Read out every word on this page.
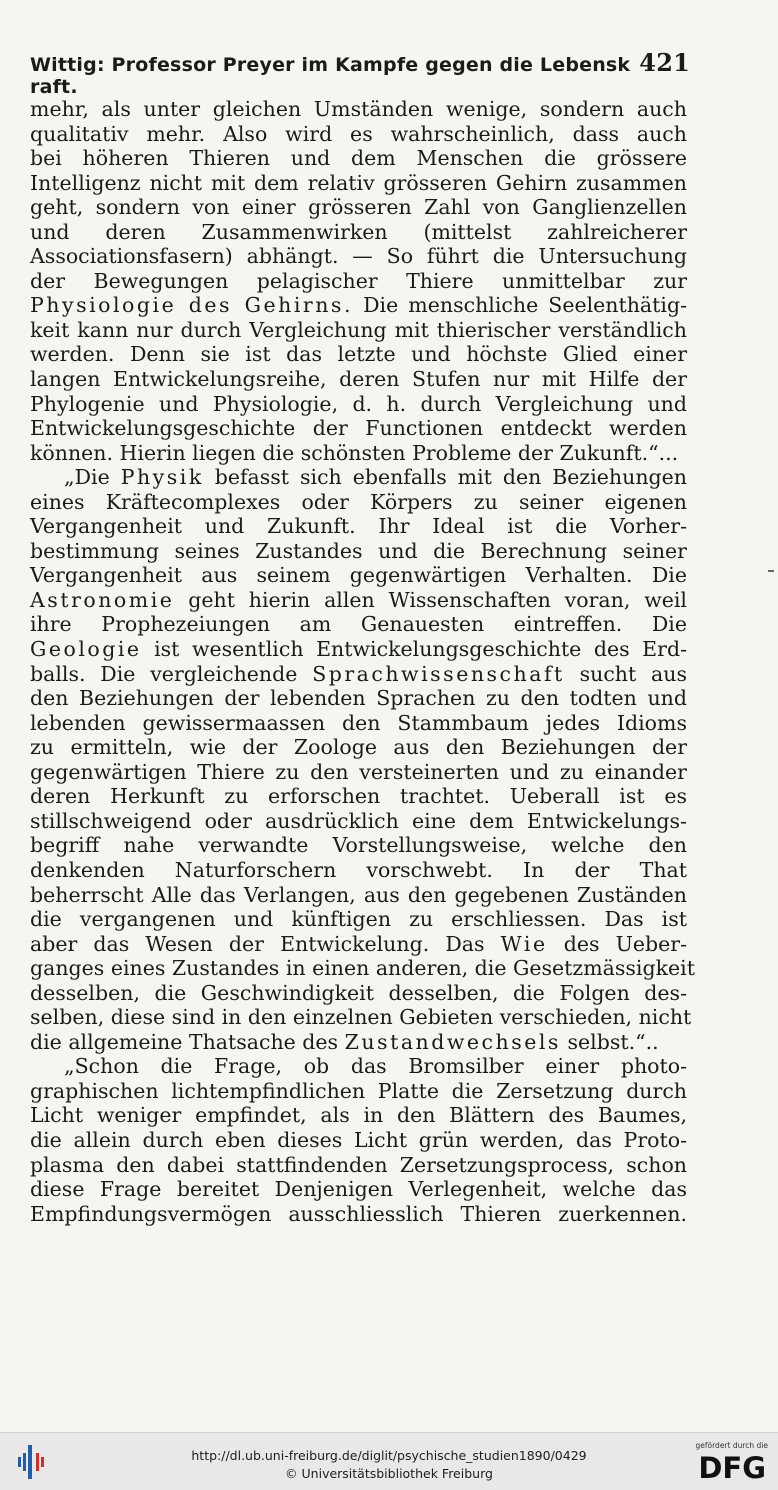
Wittig: Professor Preyer im Kampfe gegen die Lebensk raft.
421
mehr, als unter gleichen Umständen wenige, sondern auch
qualitativ mehr. Also wird es wahrscheinlich, dass auch
bei höheren Thieren und dem Menschen die grössere
Intelligenz nicht mit dem relativ grösseren Gehirn zusammen
geht, sondern von einer grösseren Zahl von Ganglienzellen
und deren Zusammenwirken (mittelst zahlreicherer
Associationsfasern) abhängt. — So führt die Untersuchung
der Bewegungen pelagischer Thiere unmittelbar zur
Physiologie des Gehirns. Die menschliche Seelenthätig-
keit kann nur durch Vergleichung mit thierischer verständlich
werden. Denn sie ist das letzte und höchste Glied einer
langen Entwickelungsreihe, deren Stufen nur mit Hilfe der
Phylogenie und Physiologie, d. h. durch Vergleichung und
Entwickelungsgeschichte der Functionen entdeckt werden
können. Hierin liegen die schönsten Probleme der Zukunft.“...
„Die Physik befasst sich ebenfalls mit den Beziehungen
eines Kräftecomplexes oder Körpers zu seiner eigenen
Vergangenheit und Zukunft. Ihr Ideal ist die Vorher-
bestimmung seines Zustandes und die Berechnung seiner
Vergangenheit aus seinem gegenwärtigen Verhalten. Die
Astronomie geht hierin allen Wissenschaften voran, weil
ihre Prophezeiungen am Genauesten eintreffen. Die
Geologie ist wesentlich Entwickelungsgeschichte des Erd-
balls. Die vergleichende Sprachwissenschaft sucht aus
den Beziehungen der lebenden Sprachen zu den todten und
lebenden gewissermaassen den Stammbaum jedes Idioms
zu ermitteln, wie der Zoologe aus den Beziehungen der
gegenwärtigen Thiere zu den versteinerten und zu einander
deren Herkunft zu erforschen trachtet. Ueberall ist es
stillschweigend oder ausdrücklich eine dem Entwickelungs-
begriff nahe verwandte Vorstellungsweise, welche den
denkenden Naturforschern vorschwebt. In der That
beherrscht Alle das Verlangen, aus den gegebenen Zuständen
die vergangenen und künftigen zu erschliessen. Das ist
aber das Wesen der Entwickelung. Das Wie des Ueber-
ganges eines Zustandes in einen anderen, die Gesetzmässigkeit
desselben, die Geschwindigkeit desselben, die Folgen des-
selben, diese sind in den einzelnen Gebieten verschieden, nicht
die allgemeine Thatsache des Zustandwechsels selbst.“..
„Schon die Frage, ob das Bromsilber einer photo-
graphischen lichtempfindlichen Platte die Zersetzung durch
Licht weniger empfindet, als in den Blättern des Baumes,
die allein durch eben dieses Licht grün werden, das Proto-
plasma den dabei stattfindenden Zersetzungsprocess, schon
diese Frage bereitet Denjenigen Verlegenheit, welche das
Empfindungsvermögen ausschliesslich Thieren zuerkennen.
http://dl.ub.uni-freiburg.de/diglit/psychische_studien1890/0429
© Universitätsbibliothek Freiburg
gefördert durch die
DFG
